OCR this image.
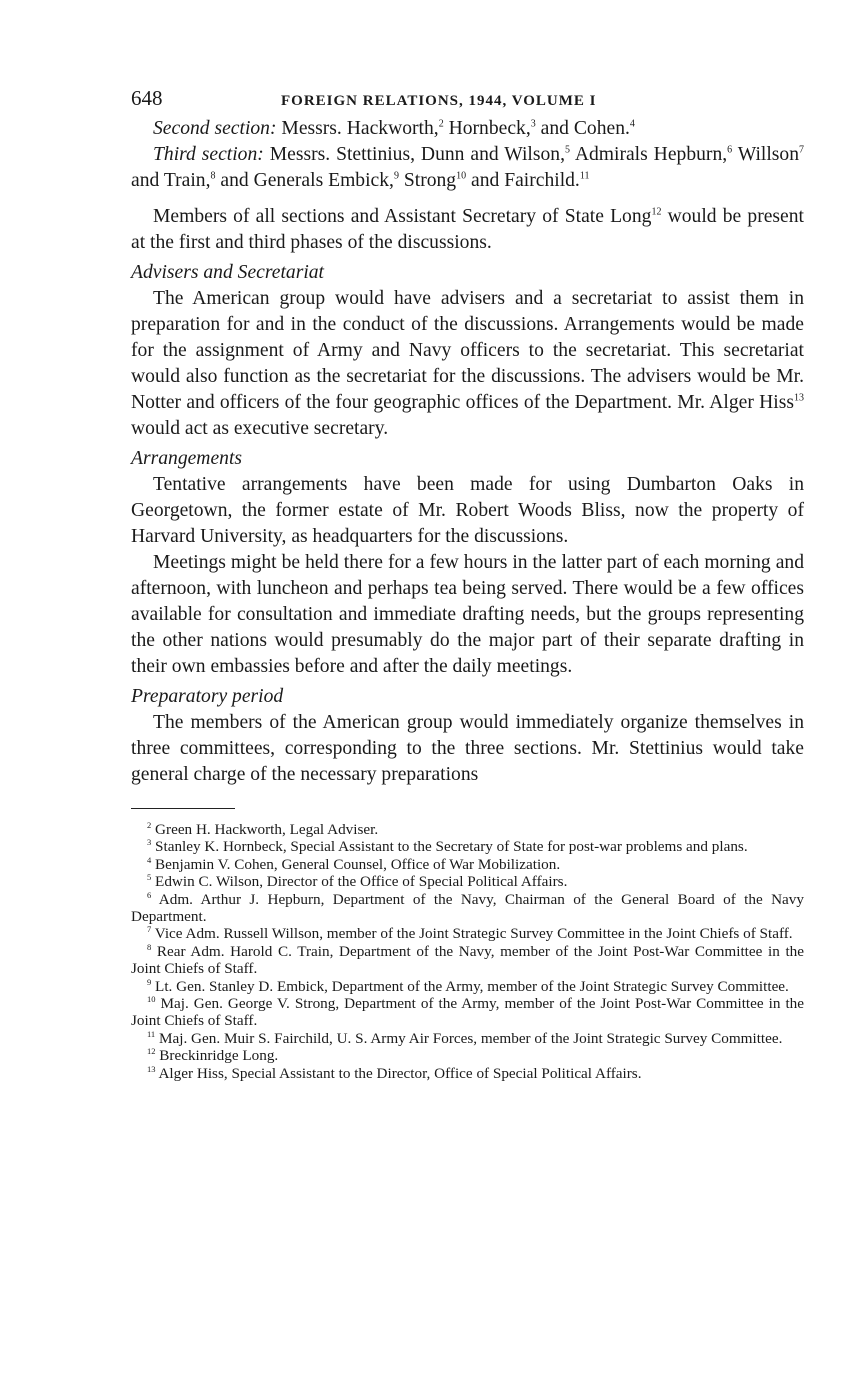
648	FOREIGN RELATIONS, 1944, VOLUME I

Second section: Messrs. Hackworth,$^2$ Hornbeck,$^3$ and Cohen.$^4$

Third section: Messrs. Stettinius, Dunn and Wilson,$^5$ Admirals Hepburn,$^6$ Willson$^7$ and Train,$^8$ and Generals Embick,$^9$ Strong$^{10}$ and Fairchild.$^{11}$

Members of all sections and Assistant Secretary of State Long$^{12}$ would be present at the first and third phases of the discussions.

Advisers and Secretariat

The American group would have advisers and a secretariat to assist them in preparation for and in the conduct of the discussions. Arrangements would be made for the assignment of Army and Navy officers to the secretariat. This secretariat would also function as the secretariat for the discussions. The advisers would be Mr. Notter and officers of the four geographic offices of the Department. Mr. Alger Hiss$^{13}$ would act as executive secretary.

Arrangements

Tentative arrangements have been made for using Dumbarton Oaks in Georgetown, the former estate of Mr. Robert Woods Bliss, now the property of Harvard University, as headquarters for the discussions.

Meetings might be held there for a few hours in the latter part of each morning and afternoon, with luncheon and perhaps tea being served. There would be a few offices available for consultation and immediate drafting needs, but the groups representing the other nations would presumably do the major part of their separate drafting in their own embassies before and after the daily meetings.

Preparatory period

The members of the American group would immediately organize themselves in three committees, corresponding to the three sections. Mr. Stettinius would take general charge of the necessary preparations

$^2$ Green H. Hackworth, Legal Adviser.

$^3$ Stanley K. Hornbeck, Special Assistant to the Secretary of State for post-war problems and plans.

$^4$ Benjamin V. Cohen, General Counsel, Office of War Mobilization.

$^5$ Edwin C. Wilson, Director of the Office of Special Political Affairs.

$^6$ Adm. Arthur J. Hepburn, Department of the Navy, Chairman of the General Board of the Navy Department.

$^7$ Vice Adm. Russell Willson, member of the Joint Strategic Survey Committee in the Joint Chiefs of Staff.

$^8$ Rear Adm. Harold C. Train, Department of the Navy, member of the Joint Post-War Committee in the Joint Chiefs of Staff.

$^9$ Lt. Gen. Stanley D. Embick, Department of the Army, member of the Joint Strategic Survey Committee.

$^{10}$ Maj. Gen. George V. Strong, Department of the Army, member of the Joint Post-War Committee in the Joint Chiefs of Staff.

$^{11}$ Maj. Gen. Muir S. Fairchild, U. S. Army Air Forces, member of the Joint Strategic Survey Committee.

$^{12}$ Breckinridge Long.

$^{13}$ Alger Hiss, Special Assistant to the Director, Office of Special Political Affairs.
